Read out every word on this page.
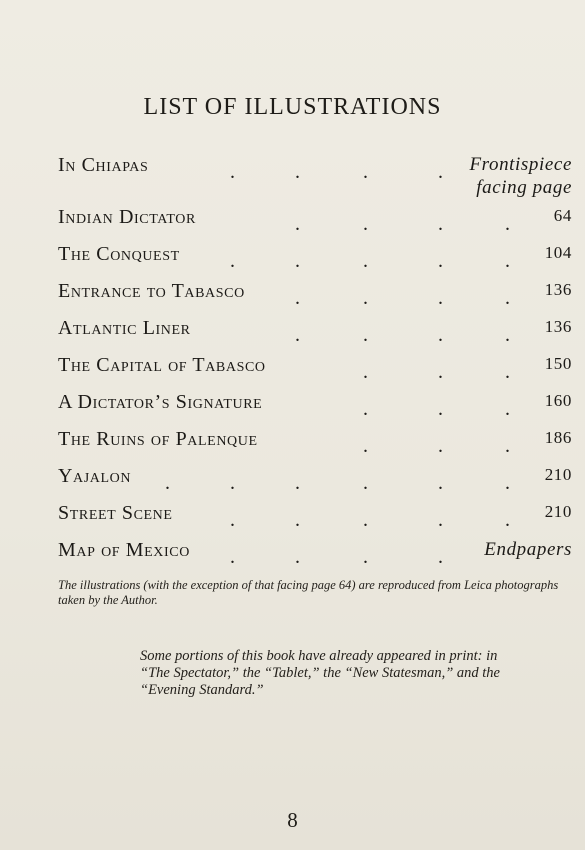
LIST OF ILLUSTRATIONS
In Chiapas	.	.	.	. Frontispiece
facing page
Indian Dictator	.	.	.	.	64
The Conquest	.	.	.	.	. 104
Entrance to Tabasco	.	.	.	. 136
Atlantic Liner	.	.	.	. 136
The Capital of Tabasco	.	.	. 150
A Dictator’s Signature	.	.	. 160
The Ruins of Palenque	.	.	. 186
Yajalon .	.	.	.	.	. 210
Street Scene	.	.	.	.	. 210
Map of Mexico .	.	.	. Endpapers
The illustrations (with the exception of that facing page 64) are reproduced from Leica photographs taken by the Author.
Some portions of this book have already appeared in print: in “The Spectator,” the “Tablet,” the “New Statesman,” and the “Evening Standard.”
8
